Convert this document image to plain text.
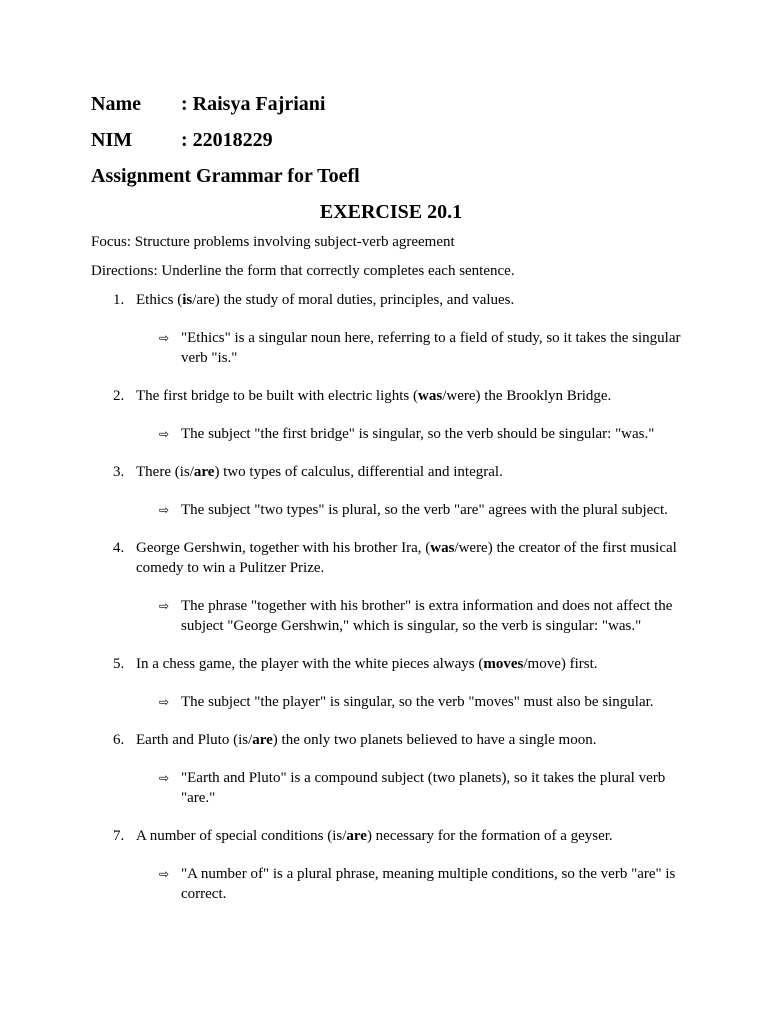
Name	: Raisya Fajriani
NIM	: 22018229
Assignment Grammar for Toefl
EXERCISE 20.1
Focus: Structure problems involving subject-verb agreement
Directions: Underline the form that correctly completes each sentence.
1. Ethics (is/are) the study of moral duties, principles, and values.
⇨ "Ethics" is a singular noun here, referring to a field of study, so it takes the singular verb "is."
2. The first bridge to be built with electric lights (was/were) the Brooklyn Bridge.
⇨ The subject "the first bridge" is singular, so the verb should be singular: "was."
3. There (is/are) two types of calculus, differential and integral.
⇨ The subject "two types" is plural, so the verb "are" agrees with the plural subject.
4. George Gershwin, together with his brother Ira, (was/were) the creator of the first musical comedy to win a Pulitzer Prize.
⇨ The phrase "together with his brother" is extra information and does not affect the subject "George Gershwin," which is singular, so the verb is singular: "was."
5. In a chess game, the player with the white pieces always (moves/move) first.
⇨ The subject "the player" is singular, so the verb "moves" must also be singular.
6. Earth and Pluto (is/are) the only two planets believed to have a single moon.
⇨ "Earth and Pluto" is a compound subject (two planets), so it takes the plural verb "are."
7. A number of special conditions (is/are) necessary for the formation of a geyser.
⇨ "A number of" is a plural phrase, meaning multiple conditions, so the verb "are" is correct.
